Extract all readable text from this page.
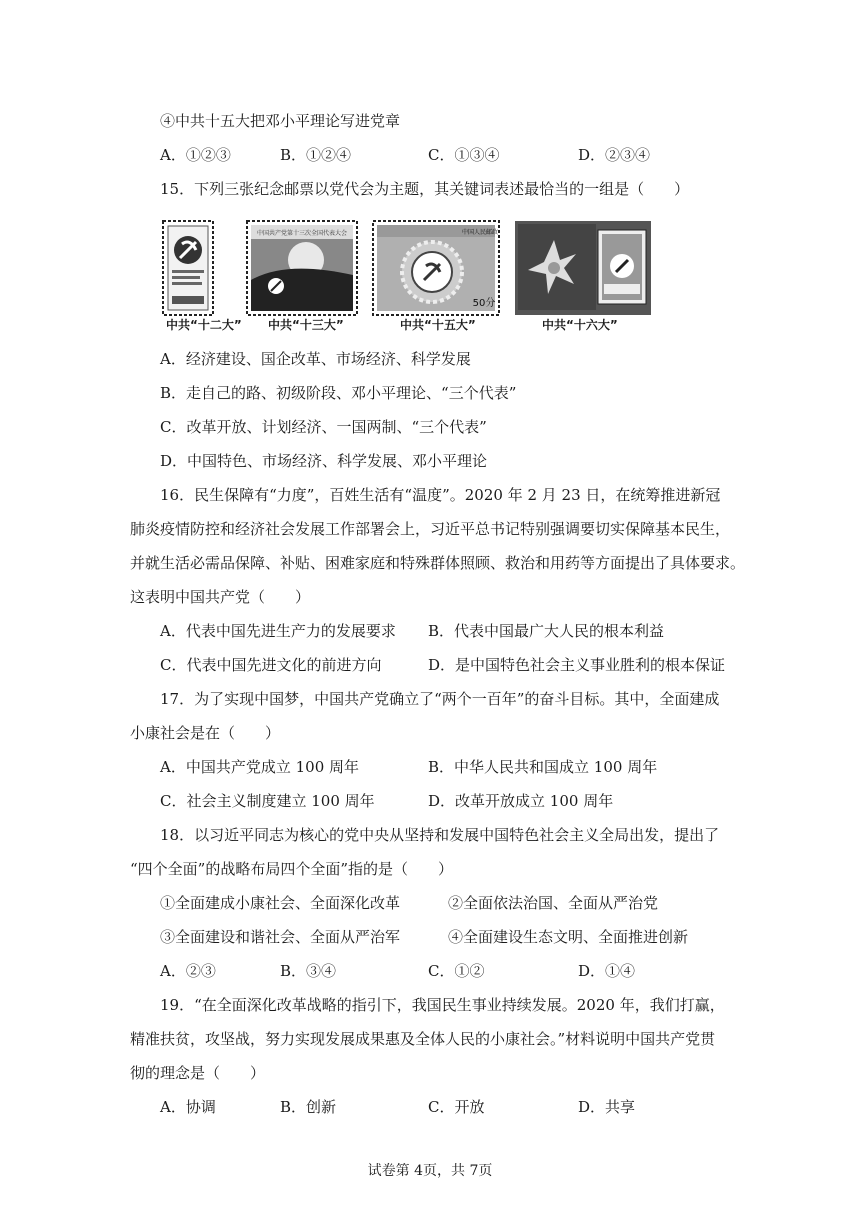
④中共十五大把邓小平理论写进党章
A．①②③	B．①②④	C．①③④	D．②③④
15．下列三张纪念邮票以党代会为主题，其关键词表述最恰当的一组是（　　）
中共“十二大”
中国共产党第十三次全国代表大会
中共“十三大”
中国人民邮政
50分
中共“十五大”	中共“十六大”
A．经济建设、国企改革、市场经济、科学发展
B．走自己的路、初级阶段、邓小平理论、“三个代表”
C．改革开放、计划经济、一国两制、“三个代表”
D．中国特色、市场经济、科学发展、邓小平理论
16．民生保障有“力度”，百姓生活有“温度”。2020 年 2 月 23 日，在统筹推进新冠
肺炎疫情防控和经济社会发展工作部署会上，习近平总书记特别强调要切实保障基本民生，
并就生活必需品保障、补贴、困难家庭和特殊群体照顾、救治和用药等方面提出了具体要求。
这表明中国共产党（　　）
A．代表中国先进生产力的发展要求 B．代表中国最广大人民的根本利益
C．代表中国先进文化的前进方向	D．是中国特色社会主义事业胜利的根本保证
17．为了实现中国梦，中国共产党确立了“两个一百年”的奋斗目标。其中，全面建成
小康社会是在（　　）
A．中国共产党成立 100 周年	B．中华人民共和国成立 100 周年
C．社会主义制度建立 100 周年	D．改革开放成立 100 周年
18．以习近平同志为核心的党中央从坚持和发展中国特色社会主义全局出发，提出了
“四个全面”的战略布局四个全面”指的是（　　）
①全面建成小康社会、全面深化改革	②全面依法治国、全面从严治党
③全面建设和谐社会、全面从严治军	④全面建设生态文明、全面推进创新
A．②③	B．③④	C．①②	D．①④
19．“在全面深化改革战略的指引下，我国民生事业持续发展。2020 年，我们打赢，
精准扶贫，攻坚战，努力实现发展成果惠及全体人民的小康社会。”材料说明中国共产党贯
彻的理念是（　　）
A．协调	B．创新	C．开放	D．共享
试卷第 4页，共 7页
